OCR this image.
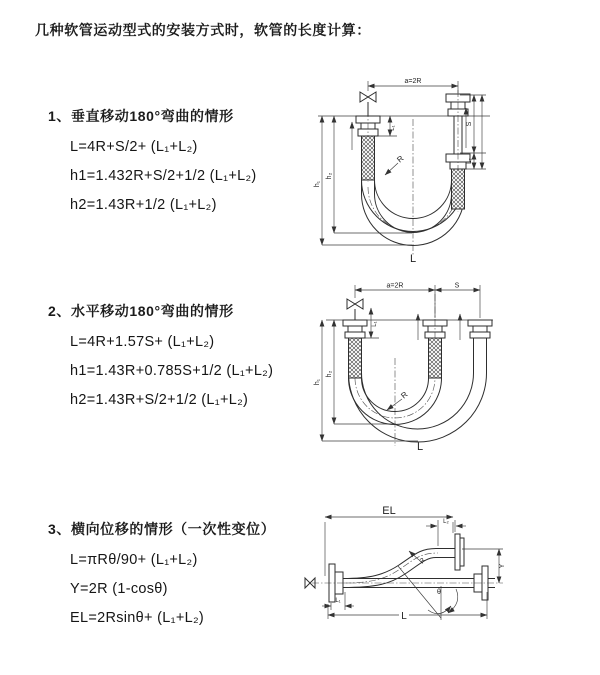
几种软管运动型式的安装方式时，软管的长度计算：
1、垂直移动180°弯曲的情形
L=4R+S/2+ (L₁+L₂)
h1=1.432R+S/2+1/2 (L₁+L₂)
h2=1.43R+1/2 (L₁+L₂)
2、水平移动180°弯曲的情形
L=4R+1.57S+ (L₁+L₂)
h1=1.43R+0.785S+1/2 (L₁+L₂)
h2=1.43R+S/2+1/2 (L₁+L₂)
3、横向位移的情形（一次性变位）
L=πRθ/90+ (L₁+L₂)
Y=2R (1-cosθ)
EL=2Rsinθ+ (L₁+L₂)
a=2R
L₁
S
L₂
h₁
h₂
R
L
a=2R	S
L₁
h₁
h₂
R
L
EL
L₂
Y
L₁
L
R
θ
